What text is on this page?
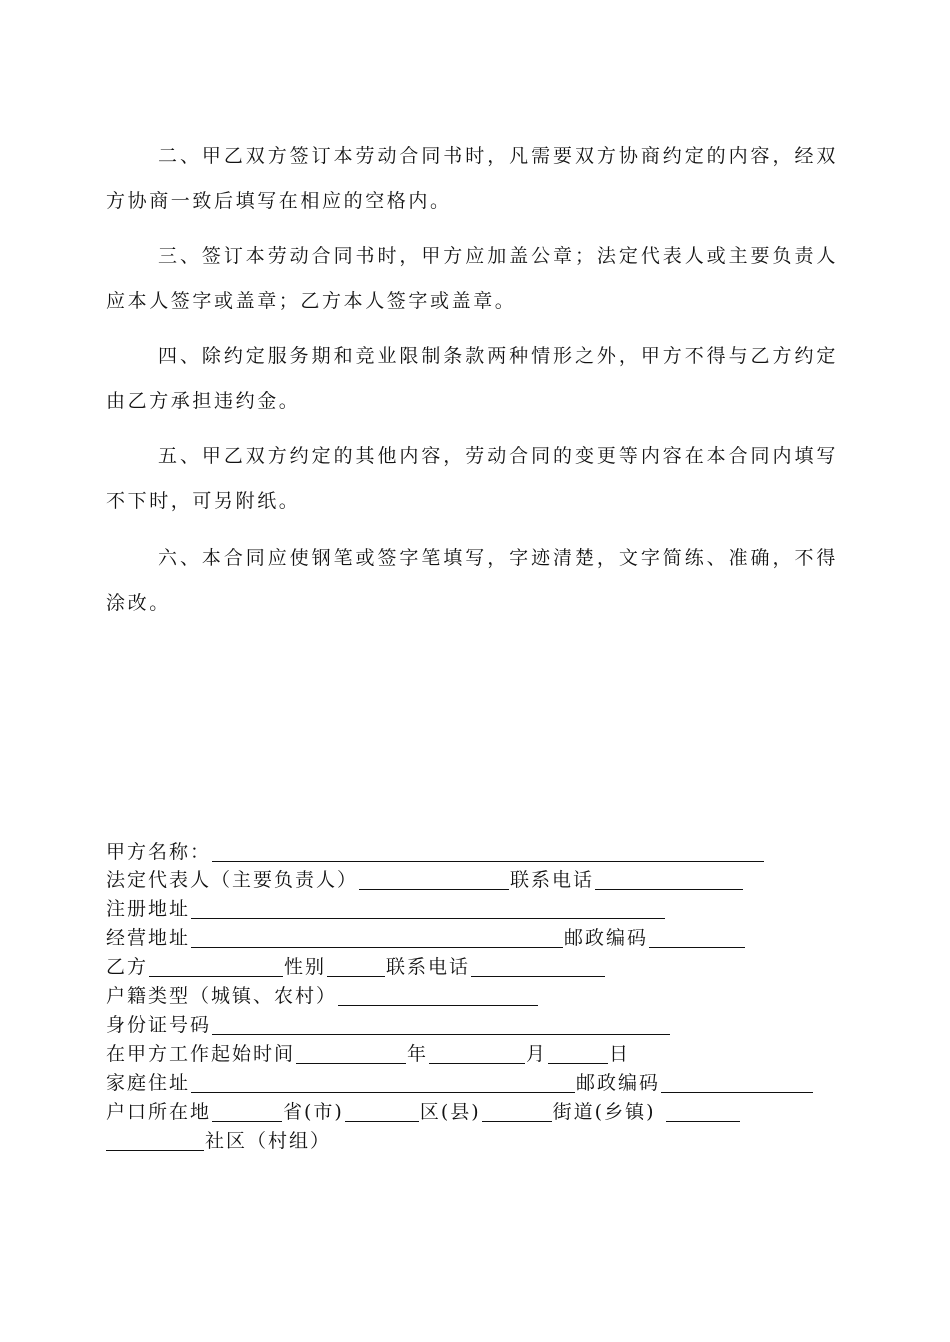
二、甲乙双方签订本劳动合同书时，凡需要双方协商约定的内容，经双方协商一致后填写在相应的空格内。

三、签订本劳动合同书时，甲方应加盖公章；法定代表人或主要负责人应本人签字或盖章；乙方本人签字或盖章。

四、除约定服务期和竞业限制条款两种情形之外，甲方不得与乙方约定由乙方承担违约金。

五、甲乙双方约定的其他内容，劳动合同的变更等内容在本合同内填写不下时，可另附纸。

六、本合同应使钢笔或签字笔填写，字迹清楚，文字简练、准确，不得涂改。

甲方名称：
法定代表人（主要负责人）	联系电话
注册地址
经营地址	邮政编码
乙方	性别	联系电话
户籍类型（城镇、农村）
身份证号码
在甲方工作起始时间	年	月	日
家庭住址	邮政编码
户口所在地	省(市)	区(县)	街道(乡镇)
社区（村组）
